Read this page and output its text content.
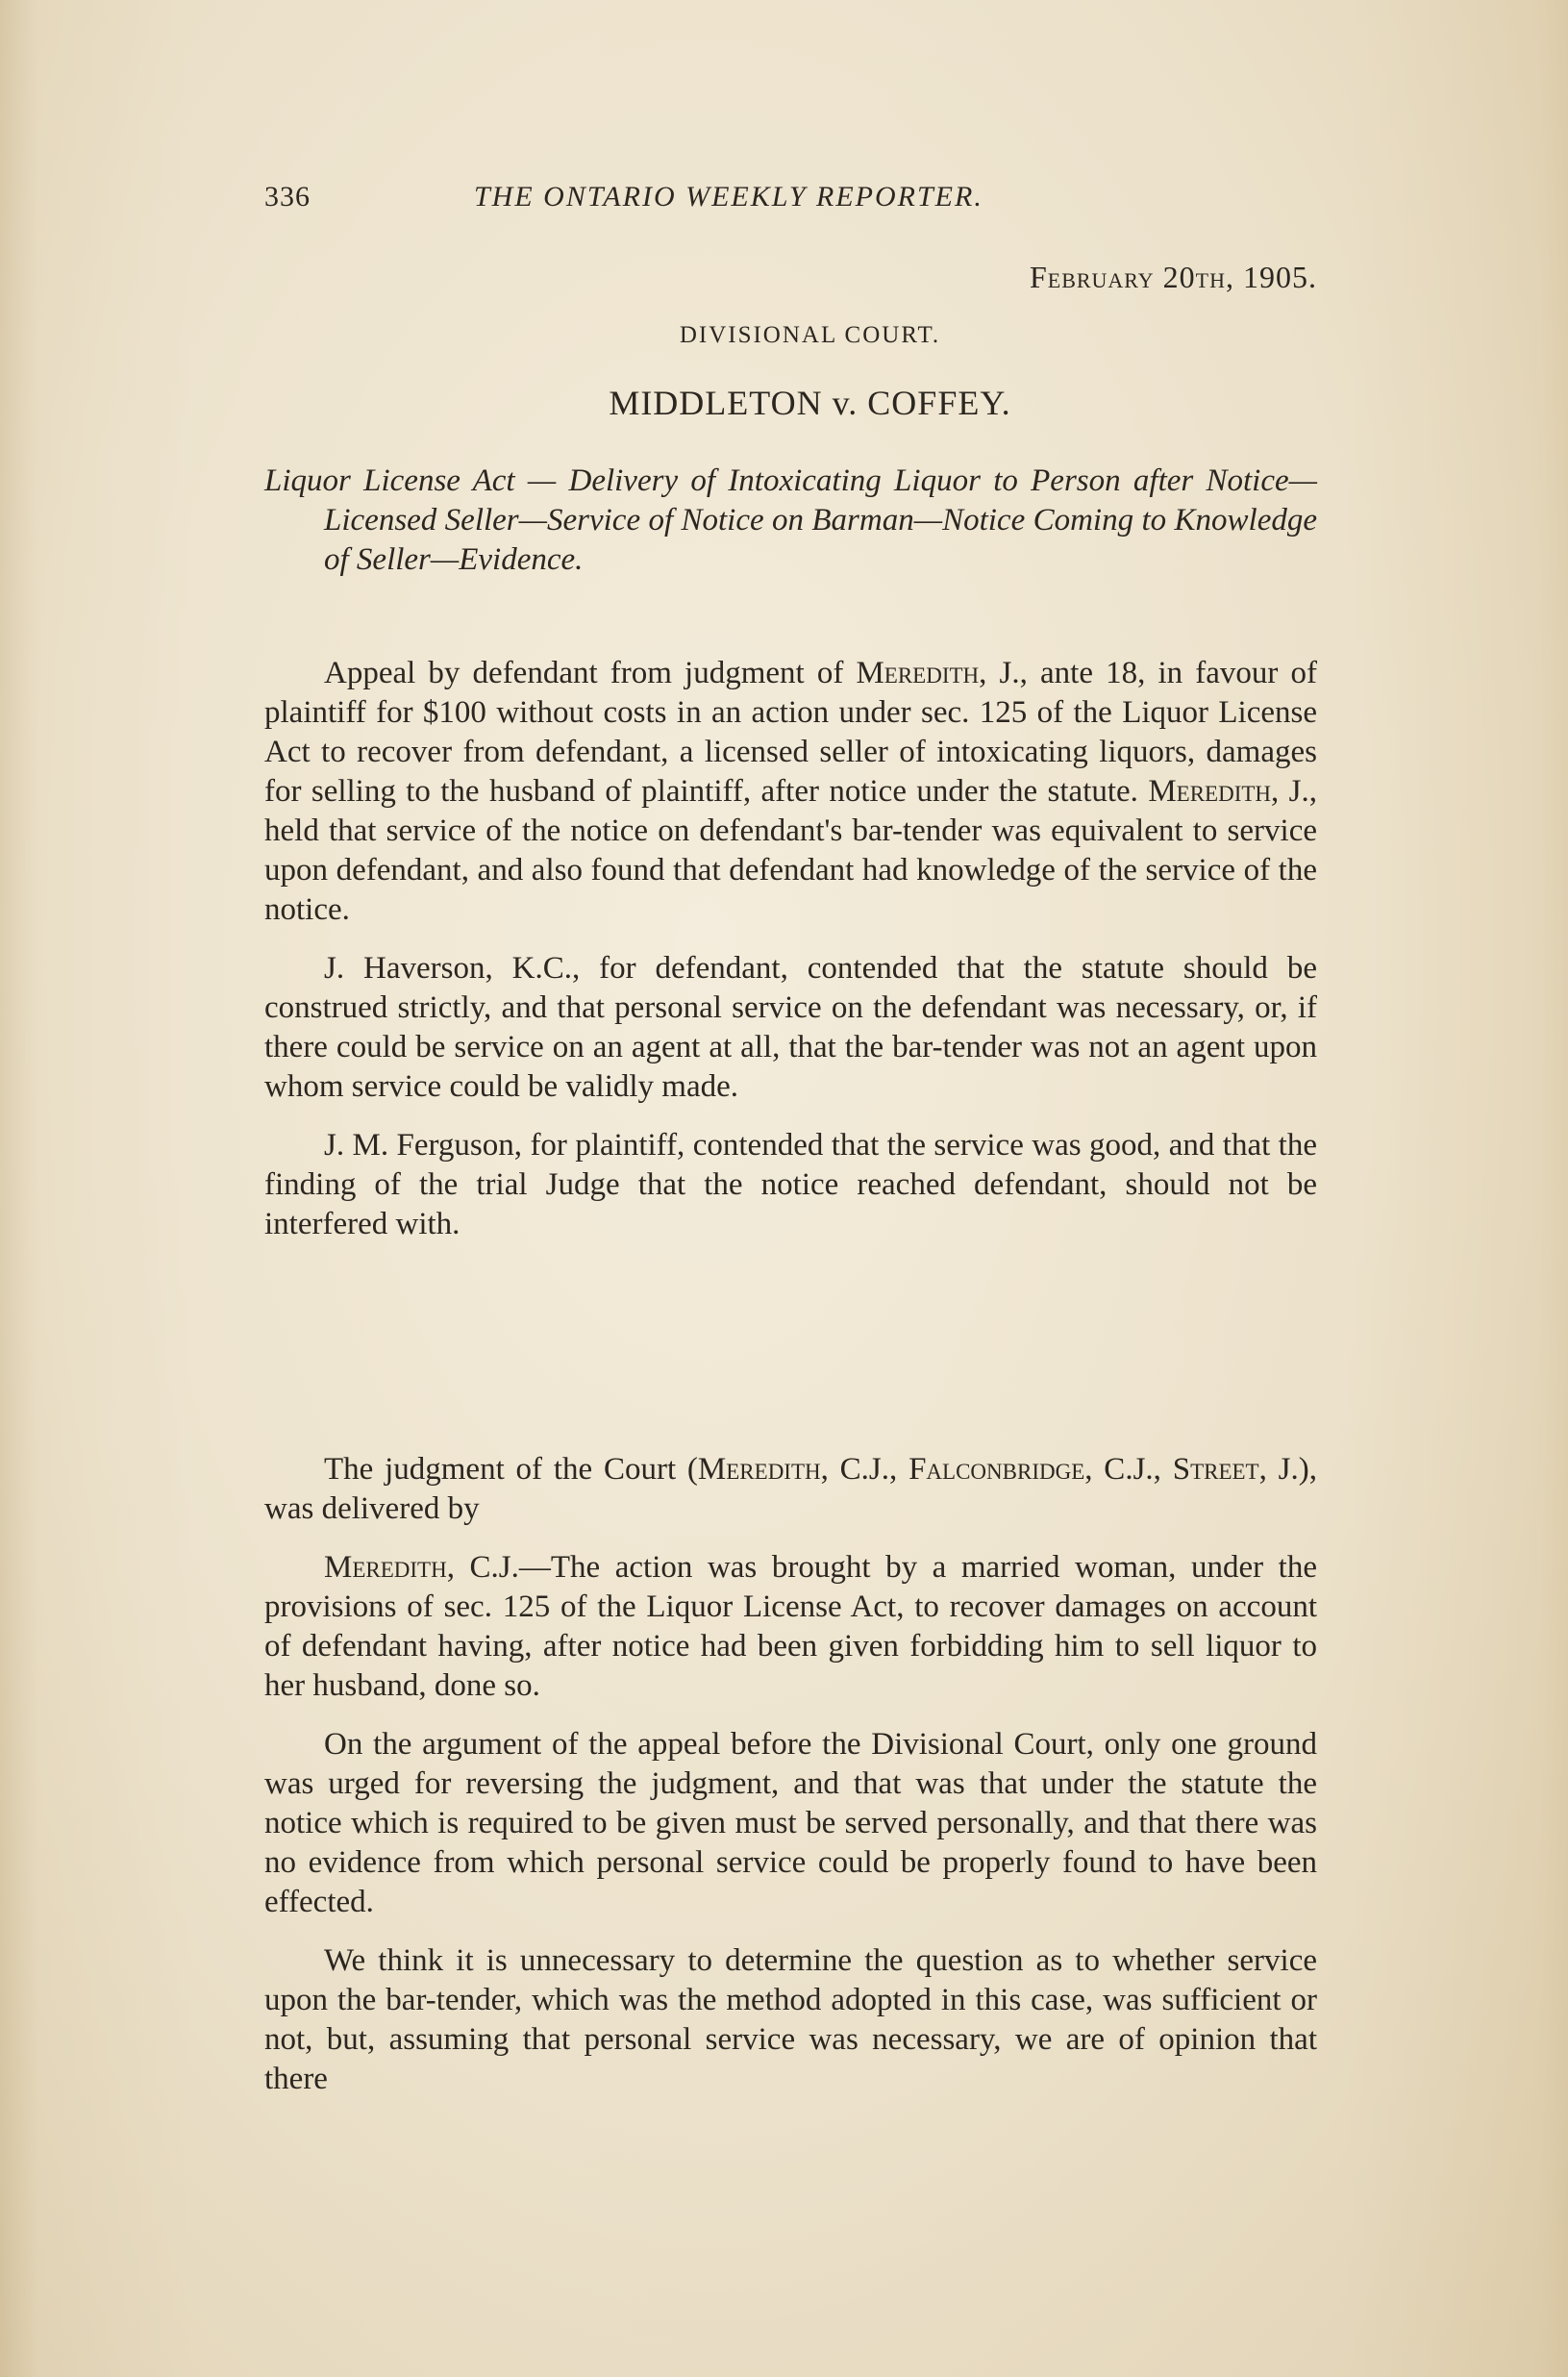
336	THE ONTARIO WEEKLY REPORTER.
February 20th, 1905.
DIVISIONAL COURT.
MIDDLETON v. COFFEY.
Liquor License Act — Delivery of Intoxicating Liquor to Person after Notice—Licensed Seller—Service of Notice on Barman—Notice Coming to Knowledge of Seller—Evidence.

Appeal by defendant from judgment of Meredith, J., ante 18, in favour of plaintiff for $100 without costs in an action under sec. 125 of the Liquor License Act to recover from defendant, a licensed seller of intoxicating liquors, damages for selling to the husband of plaintiff, after notice under the statute. Meredith, J., held that service of the notice on defendant's bar-tender was equivalent to service upon defendant, and also found that defendant had knowledge of the service of the notice.

J. Haverson, K.C., for defendant, contended that the statute should be construed strictly, and that personal service on the defendant was necessary, or, if there could be service on an agent at all, that the bar-tender was not an agent upon whom service could be validly made.

J. M. Ferguson, for plaintiff, contended that the service was good, and that the finding of the trial Judge that the notice reached defendant, should not be interfered with.

The judgment of the Court (Meredith, C.J., Falconbridge, C.J., Street, J.), was delivered by

Meredith, C.J.—The action was brought by a married woman, under the provisions of sec. 125 of the Liquor License Act, to recover damages on account of defendant having, after notice had been given forbidding him to sell liquor to her husband, done so.

On the argument of the appeal before the Divisional Court, only one ground was urged for reversing the judgment, and that was that under the statute the notice which is required to be given must be served personally, and that there was no evidence from which personal service could be properly found to have been effected.

We think it is unnecessary to determine the question as to whether service upon the bar-tender, which was the method adopted in this case, was sufficient or not, but, assuming that personal service was necessary, we are of opinion that there
